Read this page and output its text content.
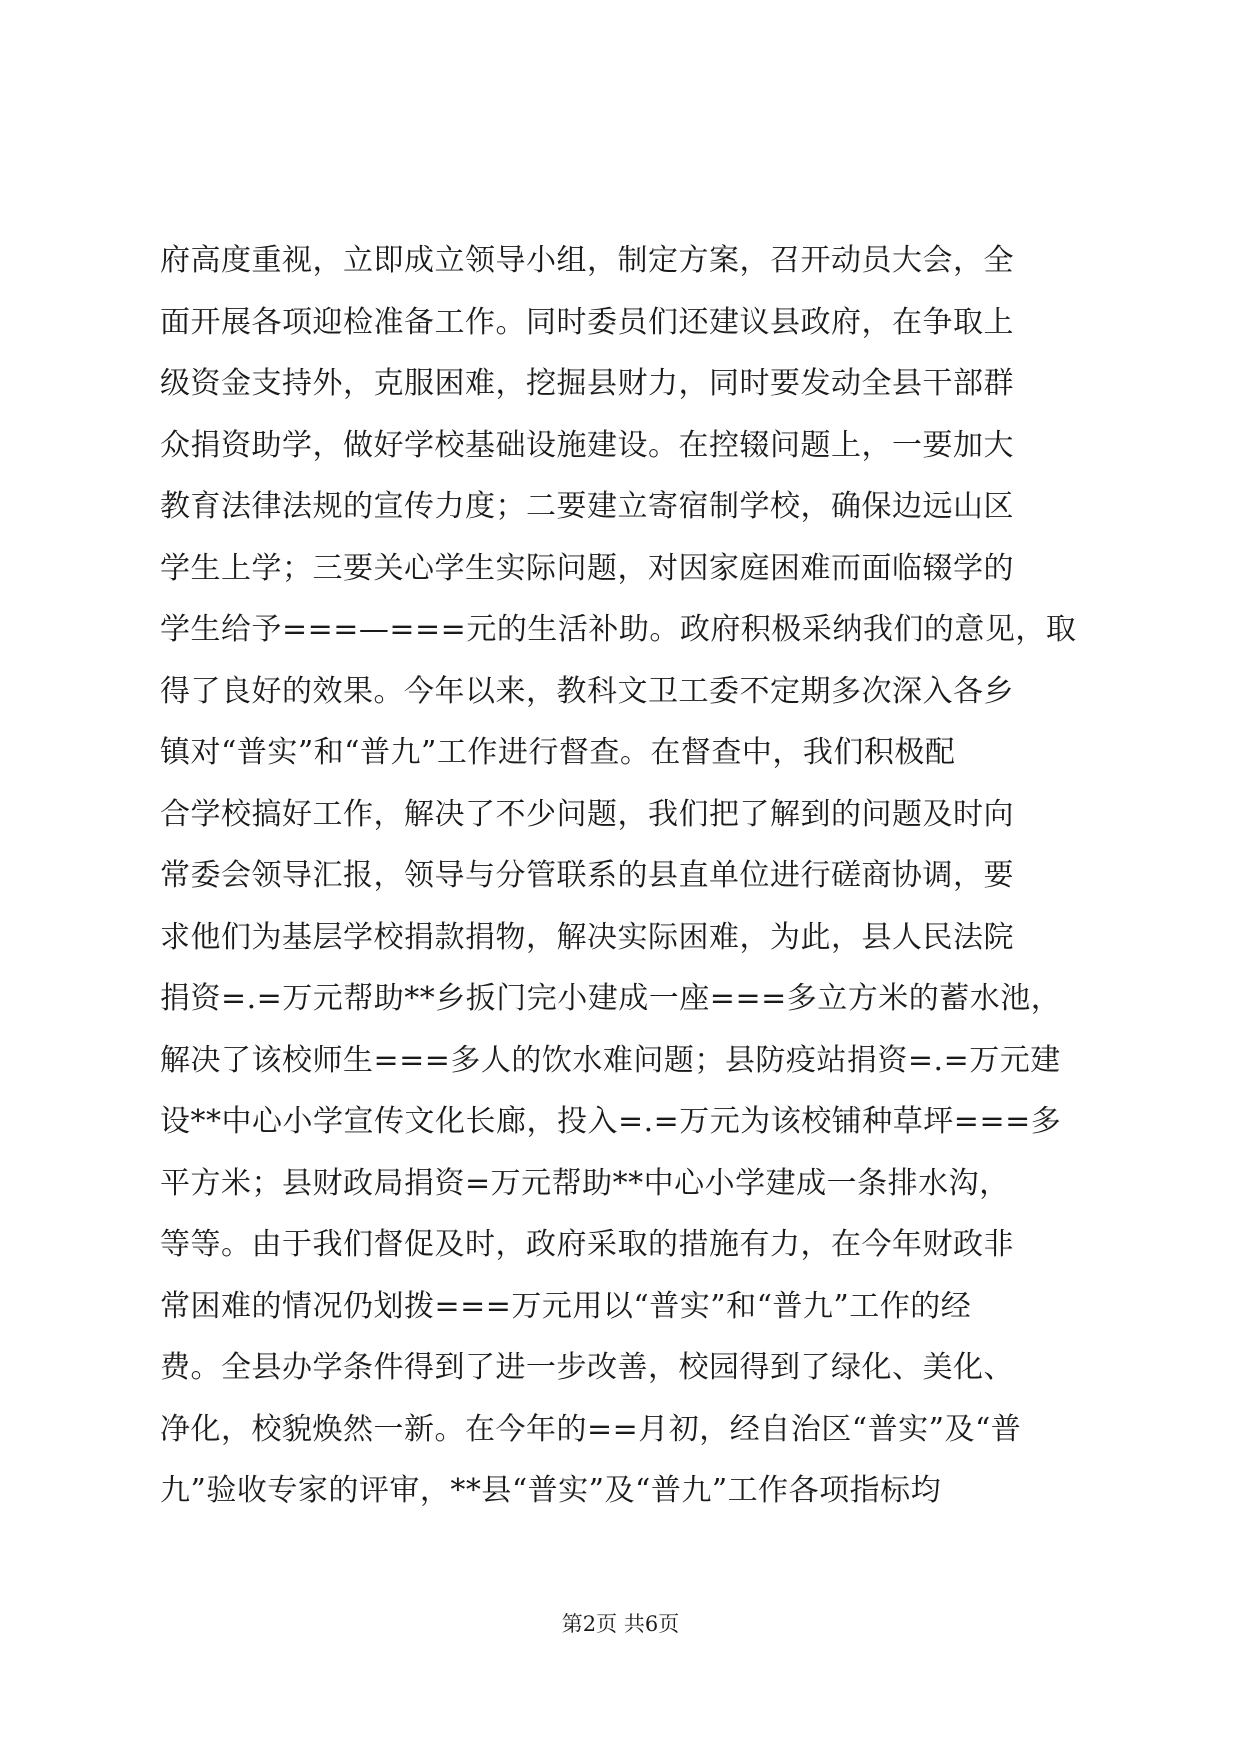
府高度重视，立即成立领导小组，制定方案，召开动员大会，全
面开展各项迎检准备工作。同时委员们还建议县政府，在争取上
级资金支持外，克服困难，挖掘县财力，同时要发动全县干部群
众捐资助学，做好学校基础设施建设。在控辍问题上，一要加大
教育法律法规的宣传力度；二要建立寄宿制学校，确保边远山区
学生上学；三要关心学生实际问题，对因家庭困难而面临辍学的
学生给予===—===元的生活补助。政府积极采纳我们的意见，取
得了良好的效果。今年以来，教科文卫工委不定期多次深入各乡
镇对“普实”和“普九”工作进行督查。在督查中，我们积极配
合学校搞好工作，解决了不少问题，我们把了解到的问题及时向
常委会领导汇报，领导与分管联系的县直单位进行磋商协调，要
求他们为基层学校捐款捐物，解决实际困难，为此，县人民法院
捐资=.=万元帮助**乡扳门完小建成一座===多立方米的蓄水池，
解决了该校师生===多人的饮水难问题；县防疫站捐资=.=万元建
设**中心小学宣传文化长廊，投入=.=万元为该校铺种草坪===多
平方米；县财政局捐资=万元帮助**中心小学建成一条排水沟，
等等。由于我们督促及时，政府采取的措施有力，在今年财政非
常困难的情况仍划拨===万元用以“普实”和“普九”工作的经
费。全县办学条件得到了进一步改善，校园得到了绿化、美化、
净化，校貌焕然一新。在今年的==月初，经自治区“普实”及“普
九”验收专家的评审，**县“普实”及“普九”工作各项指标均
第2页 共6页
